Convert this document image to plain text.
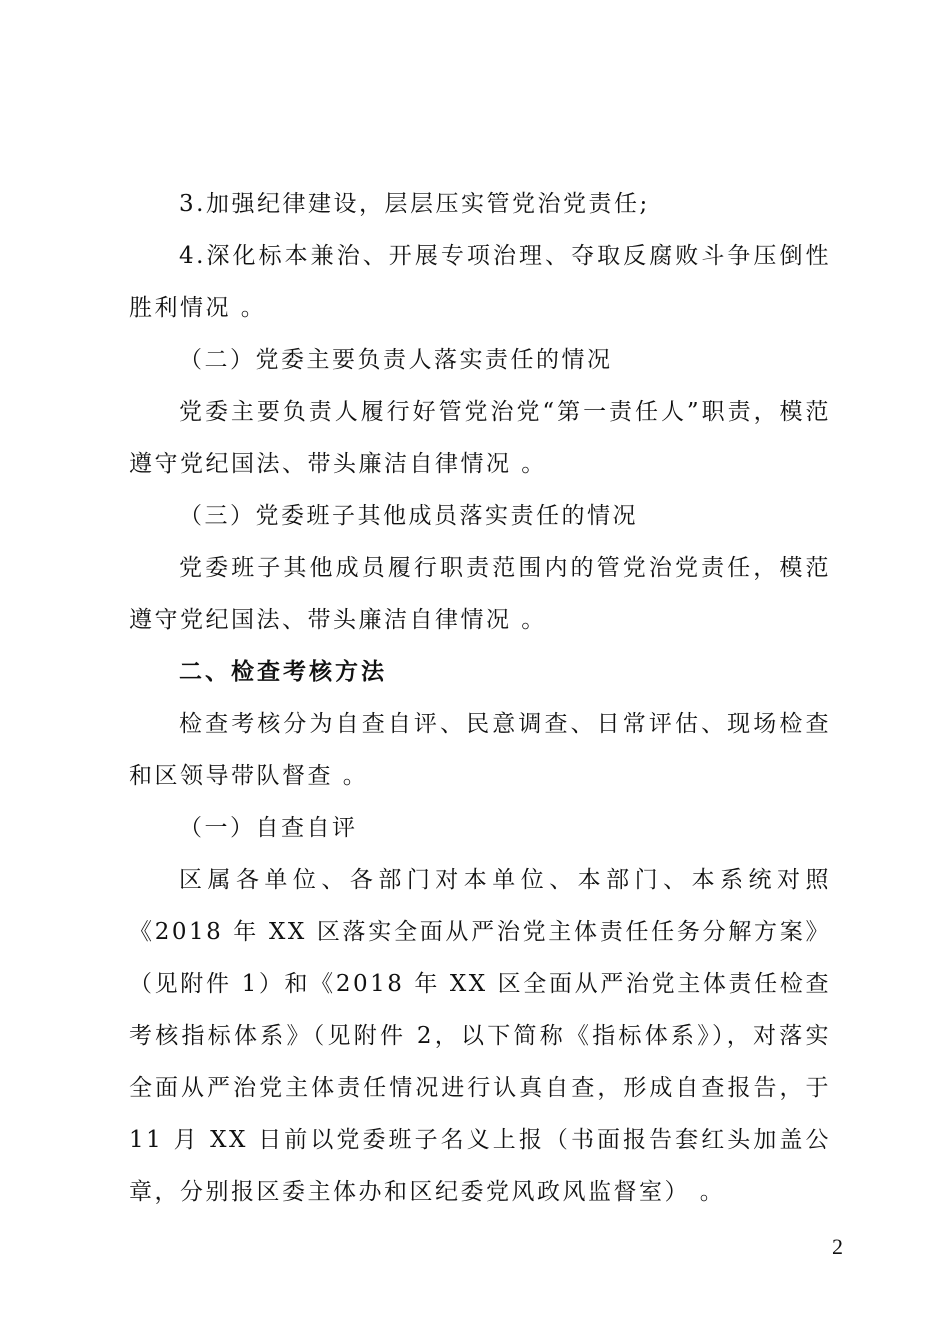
3.加强纪律建设，层层压实管党治党责任;

4.深化标本兼治、开展专项治理、夺取反腐败斗争压倒性胜利情况 。

（二）党委主要负责人落实责任的情况

党委主要负责人履行好管党治党“第一责任人”职责，模范遵守党纪国法、带头廉洁自律情况 。

（三）党委班子其他成员落实责任的情况

党委班子其他成员履行职责范围内的管党治党责任，模范遵守党纪国法、带头廉洁自律情况 。

二、检查考核方法

检查考核分为自查自评、民意调查、日常评估、现场检查和区领导带队督查 。

（一）自查自评

区属各单位、各部门对本单位、本部门、本系统对照《2018 年 XX 区落实全面从严治党主体责任任务分解方案》（见附件 1）和《2018 年 XX 区全面从严治党主体责任检查考核指标体系》（见附件 2，以下简称《指标体系》），对落实全面从严治党主体责任情况进行认真自查，形成自查报告，于 11 月 XX 日前以党委班子名义上报（书面报告套红头加盖公章，分别报区委主体办和区纪委党风政风监督室） 。

2
